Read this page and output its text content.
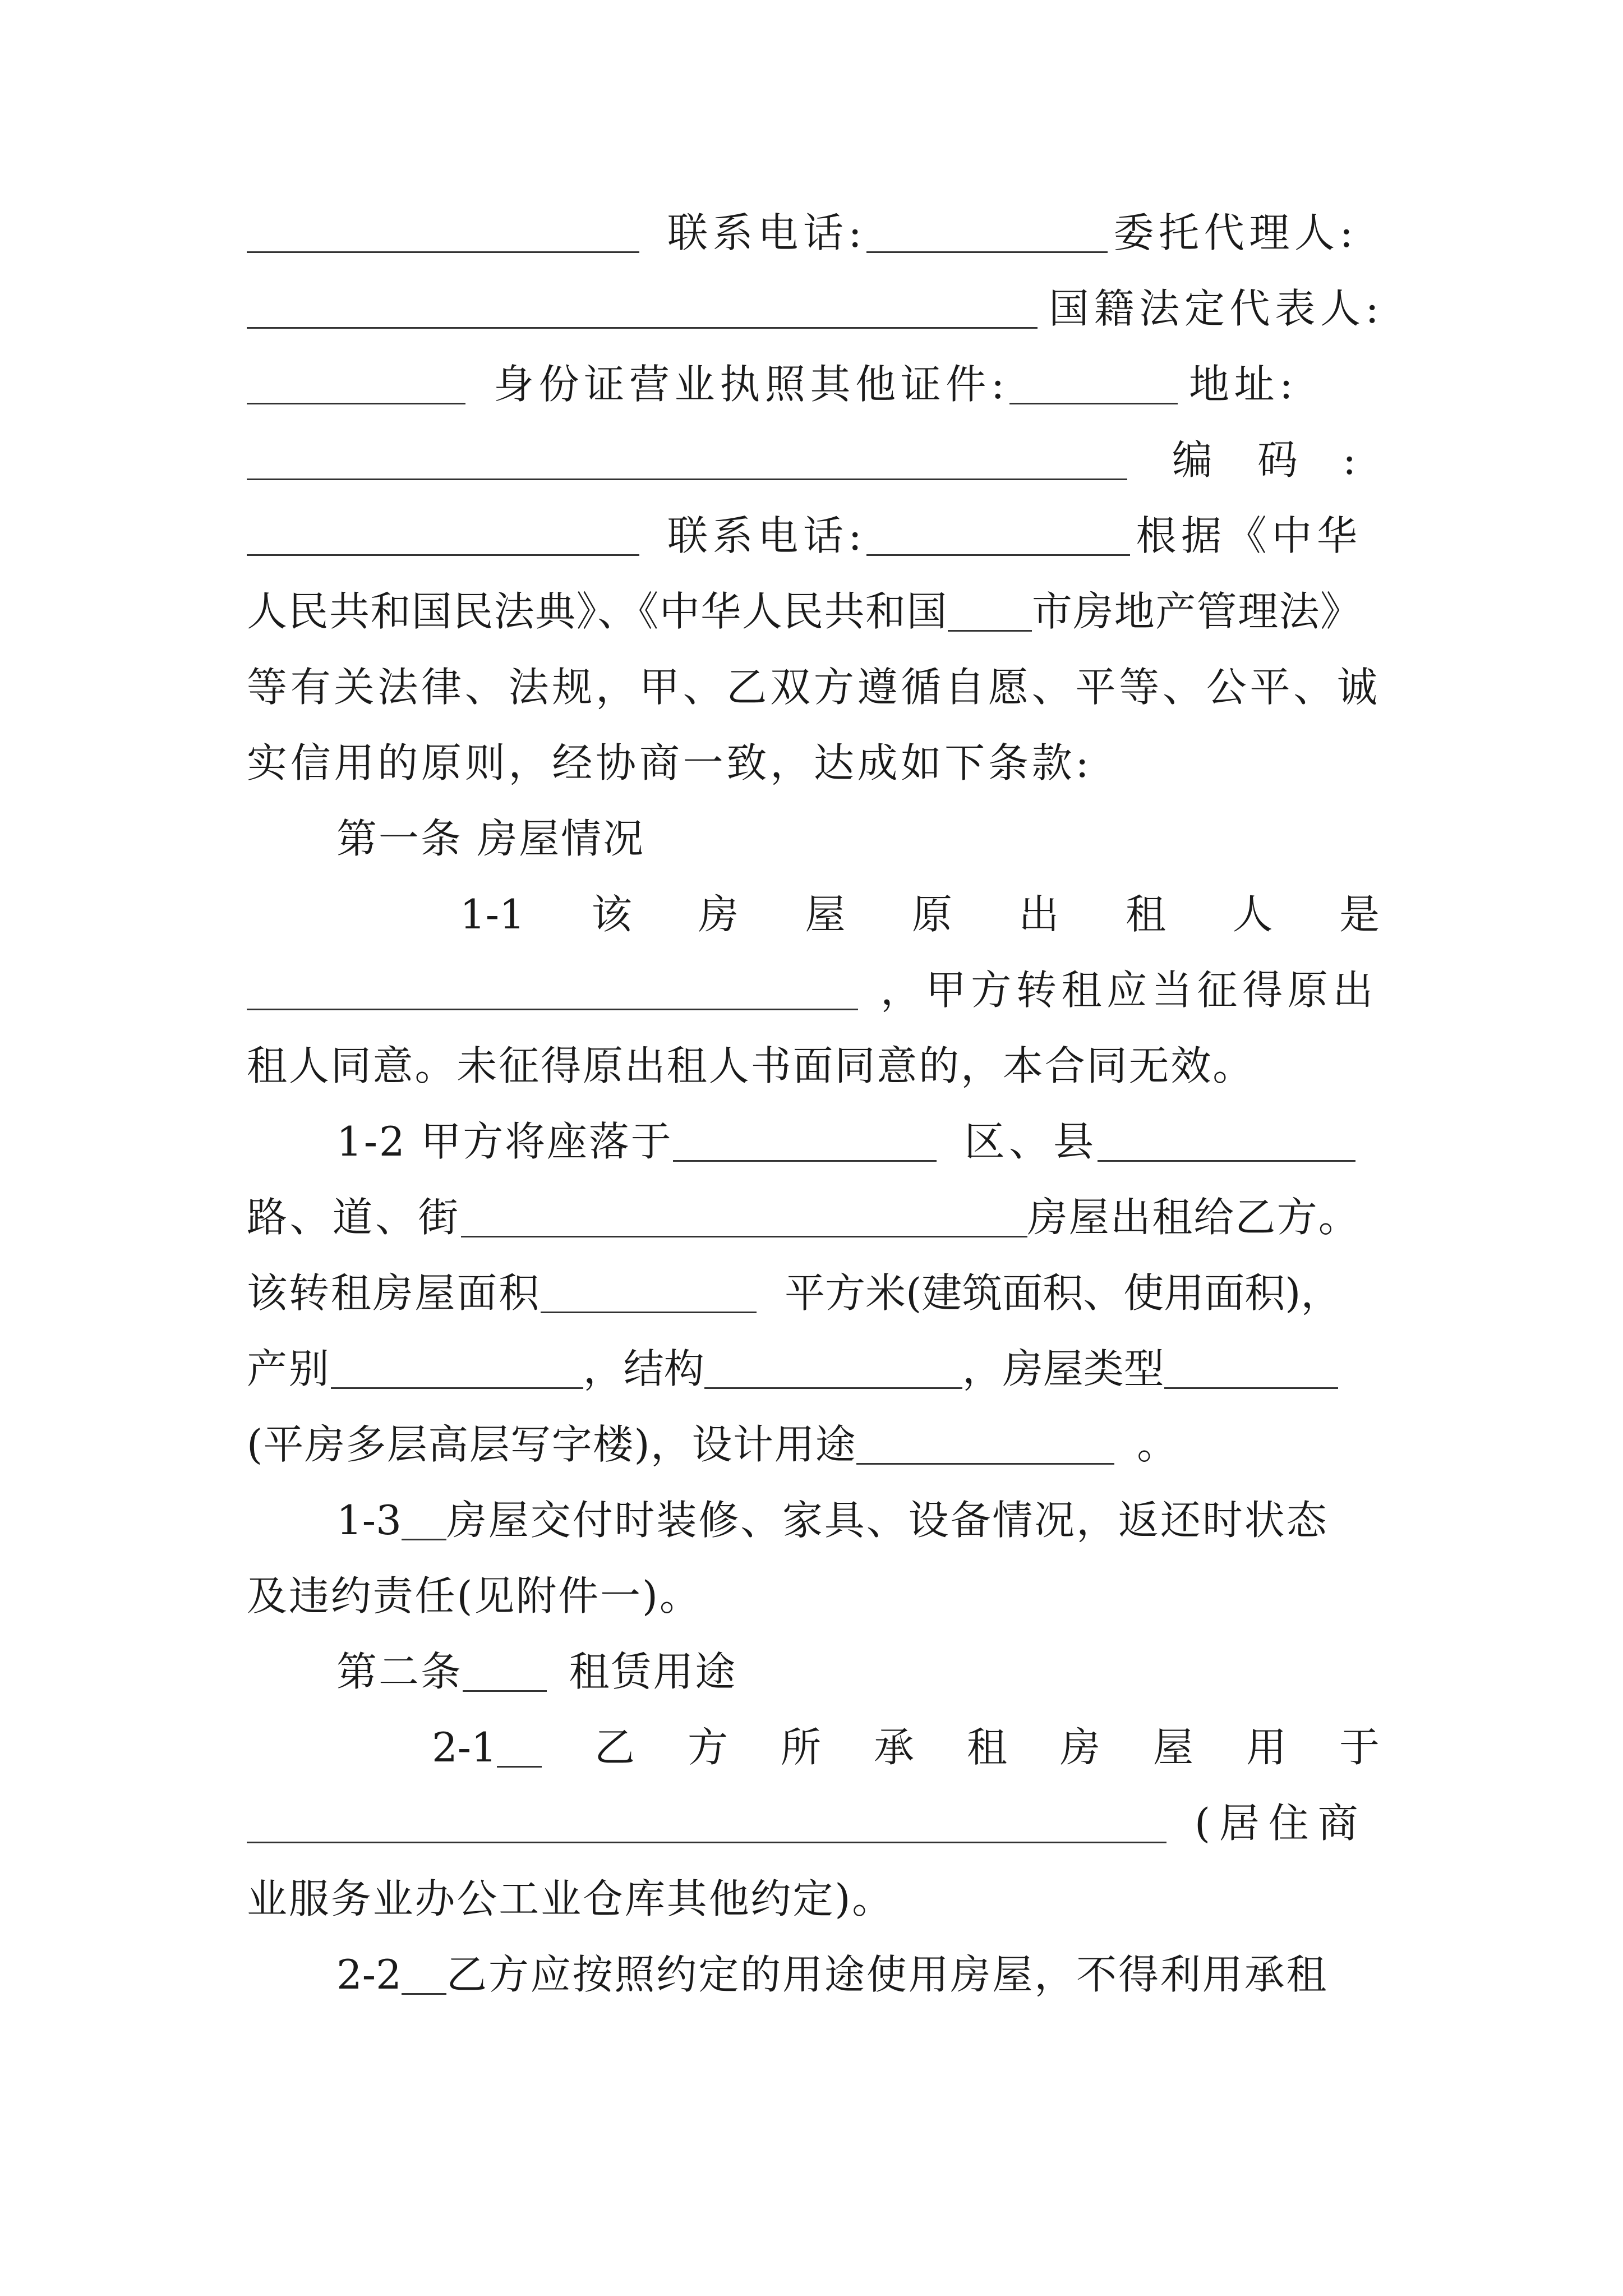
联系电话:	委托代理人:
国籍法定代表人:
身份证营业执照其他证件:	地址:
编 码 :
联系电话:	根据《中华
人民共和国民法典》、《中华人民共和国 市房地产管理法》
等有关法律、法规，甲、乙双方遵循自愿、平等、公平、诚
实信用的原则，经协商一致，达成如下条款:
第一条 房屋情况
1-1 该 房 屋 原 出 租 人 是
，甲方转租应当征得原出
租人同意。未征得原出租人书面同意的，本合同无效。
1-2 甲方将座落于	区、县
路、道、街	房屋出租给乙方。
该转租房屋面积	平方米(建筑面积、使用面积)，
产别	，结构	，房屋类型
(平房多层高层写字楼)，设计用途	。
1-3 房屋交付时装修、家具、设备情况，返还时状态
及违约责任(见附件一)。
第二条	租赁用途
2-1 乙 方 所 承 租 房 屋 用 于
(居住商
业服务业办公工业仓库其他约定)。
2-2 乙方应按照约定的用途使用房屋，不得利用承租
